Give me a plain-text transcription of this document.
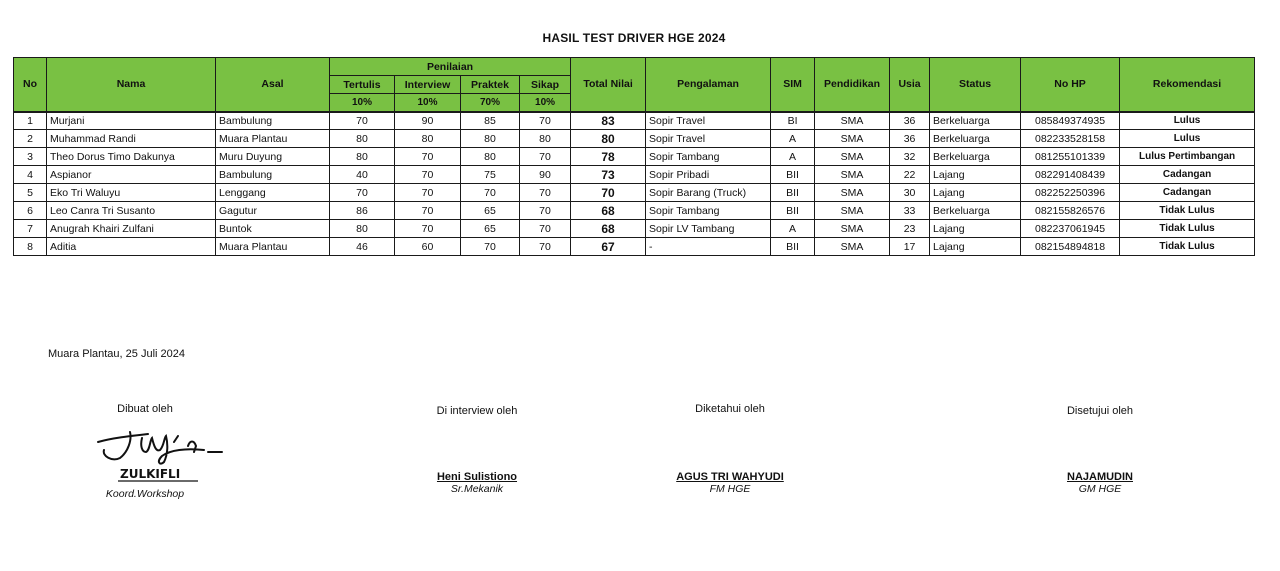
HASIL TEST DRIVER HGE 2024
No	Nama	Asal	Penilaian				Total Nilai	Pengalaman	SIM	Pendidikan	Usia	Status	No HP	Rekomendasi
			Tertulis	Interview	Praktek	Sikap								
			10%	10%	70%	10%								
1	Murjani	Bambulung	70	90	85	70	83	Sopir Travel	BI	SMA	36	Berkeluarga	085849374935	Lulus
2	Muhammad Randi	Muara Plantau	80	80	80	80	80	Sopir Travel	A	SMA	36	Berkeluarga	082233528158	Lulus
3	Theo Dorus Timo Dakunya	Muru Duyung	80	70	80	70	78	Sopir Tambang	A	SMA	32	Berkeluarga	081255101339	Lulus Pertimbangan
4	Aspianor	Bambulung	40	70	75	90	73	Sopir Pribadi	BII	SMA	22	Lajang	082291408439	Cadangan
5	Eko Tri Waluyu	Lenggang	70	70	70	70	70	Sopir Barang (Truck)	BII	SMA	30	Lajang	082252250396	Cadangan
6	Leo Canra Tri Susanto	Gagutur	86	70	65	70	68	Sopir Tambang	BII	SMA	33	Berkeluarga	082155826576	Tidak Lulus
7	Anugrah Khairi Zulfani	Buntok	80	70	65	70	68	Sopir LV Tambang	A	SMA	23	Lajang	082237061945	Tidak Lulus
8	Aditia	Muara Plantau	46	60	70	70	67	-	BII	SMA	17	Lajang	082154894818	Tidak Lulus
Muara Plantau, 25 Juli 2024
Dibuat oleh
ZULKIFLI
Koord.Workshop
Di interview oleh
Heni Sulistiono
Sr.Mekanik
Diketahui oleh
AGUS TRI WAHYUDI
FM HGE
Disetujui oleh
NAJAMUDIN
GM HGE
